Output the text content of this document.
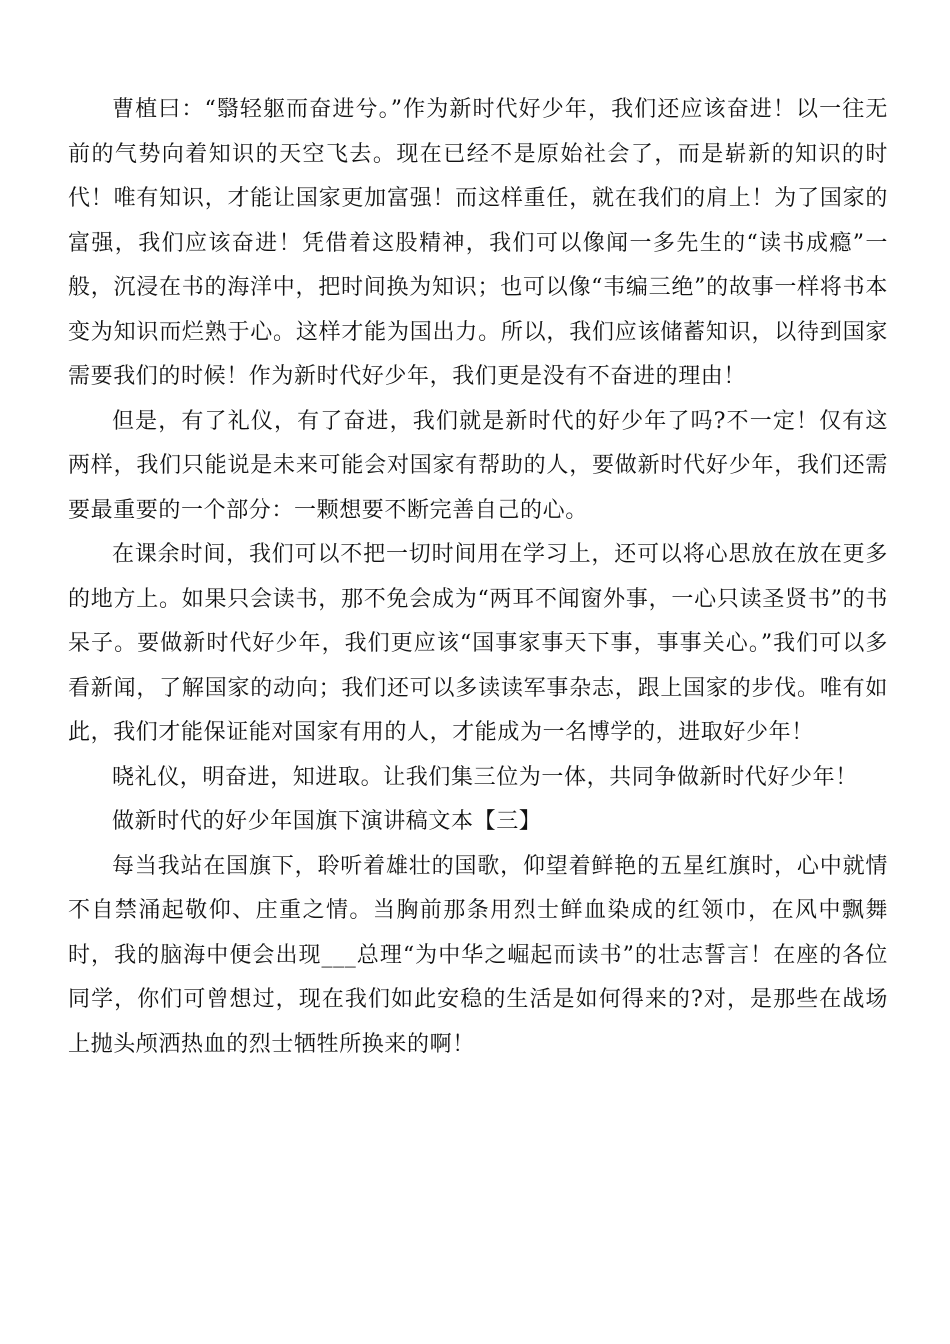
曹植曰：“翳轻躯而奋进兮。”作为新时代好少年，我们还应该奋进！以一往无前的气势向着知识的天空飞去。现在已经不是原始社会了，而是崭新的知识的时代！唯有知识，才能让国家更加富强！而这样重任，就在我们的肩上！为了国家的富强，我们应该奋进！凭借着这股精神，我们可以像闻一多先生的“读书成瘾”一般，沉浸在书的海洋中，把时间换为知识；也可以像“韦编三绝”的故事一样将书本变为知识而烂熟于心。这样才能为国出力。所以，我们应该储蓄知识，以待到国家需要我们的时候！作为新时代好少年，我们更是没有不奋进的理由！

但是，有了礼仪，有了奋进，我们就是新时代的好少年了吗?不一定！仅有这两样，我们只能说是未来可能会对国家有帮助的人，要做新时代好少年，我们还需要最重要的一个部分：一颗想要不断完善自己的心。

在课余时间，我们可以不把一切时间用在学习上，还可以将心思放在放在更多的地方上。如果只会读书，那不免会成为“两耳不闻窗外事，一心只读圣贤书”的书呆子。要做新时代好少年，我们更应该“国事家事天下事，事事关心。”我们可以多看新闻，了解国家的动向；我们还可以多读读军事杂志，跟上国家的步伐。唯有如此，我们才能保证能对国家有用的人，才能成为一名博学的，进取好少年！

晓礼仪，明奋进，知进取。让我们集三位为一体，共同争做新时代好少年！

做新时代的好少年国旗下演讲稿文本【三】

每当我站在国旗下，聆听着雄壮的国歌，仰望着鲜艳的五星红旗时，心中就情不自禁涌起敬仰、庄重之情。当胸前那条用烈士鲜血染成的红领巾，在风中飘舞时，我的脑海中便会出现___总理“为中华之崛起而读书”的壮志誓言！在座的各位同学，你们可曾想过，现在我们如此安稳的生活是如何得来的?对，是那些在战场上抛头颅洒热血的烈士牺牲所换来的啊！
